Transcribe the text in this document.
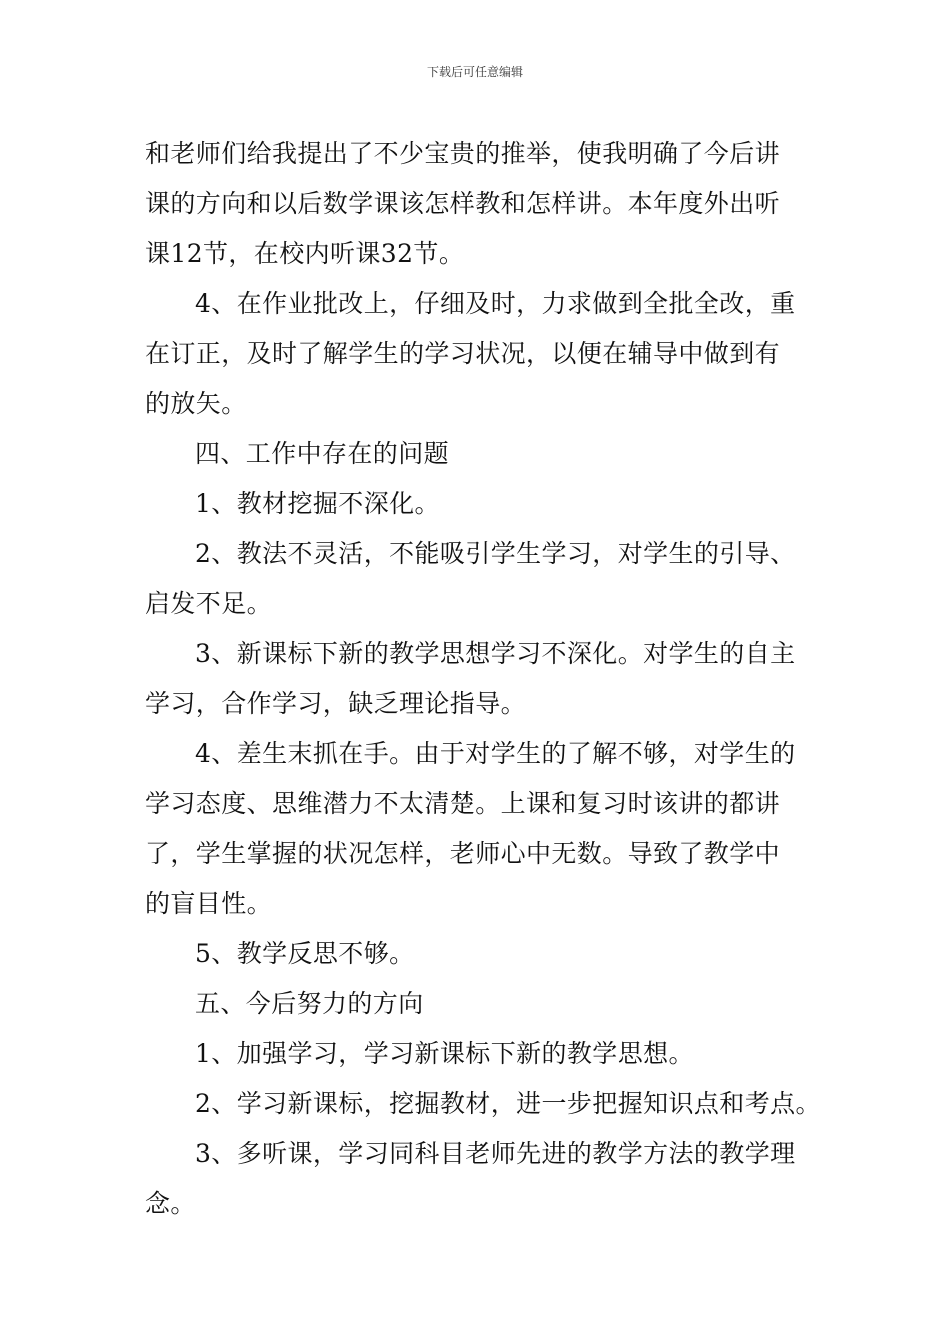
下载后可任意编辑
和老师们给我提出了不少宝贵的推举，使我明确了今后讲
课的方向和以后数学课该怎样教和怎样讲。本年度外出听
课12节，在校内听课32节。
4、在作业批改上，仔细及时，力求做到全批全改，重
在订正，及时了解学生的学习状况，以便在辅导中做到有
的放矢。
四、工作中存在的问题
1、教材挖掘不深化。
2、教法不灵活，不能吸引学生学习，对学生的引导、
启发不足。
3、新课标下新的教学思想学习不深化。对学生的自主
学习，合作学习，缺乏理论指导。
4、差生末抓在手。由于对学生的了解不够，对学生的
学习态度、思维潜力不太清楚。上课和复习时该讲的都讲
了，学生掌握的状况怎样，老师心中无数。导致了教学中
的盲目性。
5、教学反思不够。
五、今后努力的方向
1、加强学习，学习新课标下新的教学思想。
2、学习新课标，挖掘教材，进一步把握知识点和考点。
3、多听课，学习同科目老师先进的教学方法的教学理
念。
